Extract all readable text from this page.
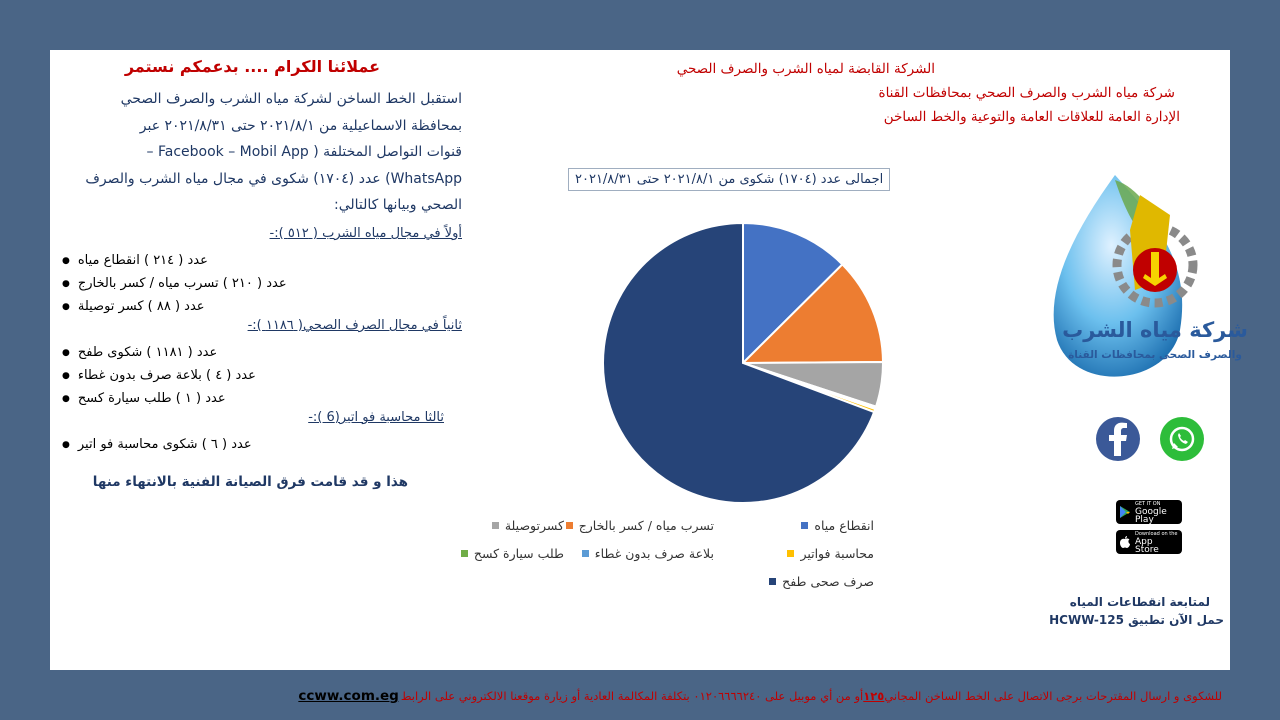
الشركة القابضة لمياه الشرب والصرف الصحي
شركة مياه الشرب والصرف الصحي بمحافظات القناة
الإدارة العامة للعلاقات العامة والتوعية والخط الساخن
عملائنا الكرام .... بدعمكم نستمر
استقبل الخط الساخن لشركة مياه الشرب والصرف الصحي
بمحافظة الاسماعيلية من ٢٠٢١/٨/١ حتى ٢٠٢١/٨/٣١ عبر
قنوات التواصل المختلفة ( Facebook – Mobil App –
WhatsApp) عدد (١٧٠٤) شكوى في مجال مياه الشرب والصرف
الصحي وبيانها كالتالي:
أولاً في مجال مياه الشرب ( ٥١٢ ):-
● عدد ( ٢١٤ ) انقطاع مياه
● عدد ( ٢١٠ ) تسرب مياه / كسر بالخارج
● عدد ( ٨٨ ) كسر توصيلة
ثانياً في مجال الصرف الصحي( ١١٨٦ ):-
● عدد ( ١١٨١ ) شكوى طفح
● عدد ( ٤ ) بلاعة صرف بدون غطاء
● عدد ( ١ ) طلب سيارة كسح
ثالثا محاسبة فو اتير(6 ):-
● عدد ( ٦ ) شكوى محاسبة فو اتير
هذا و قد قامت فرق الصيانة الفنية بالانتهاء منها
اجمالى عدد (١٧٠٤) شكوى من ٢٠٢١/٨/١ حتى ٢٠٢١/٨/٣١
انقطاع مياه
تسرب مياه / كسر بالخارج
كسرتوصيلة
محاسبة فواتير
بلاعة صرف بدون غطاء
طلب سيارة كسح
صرف صحى طفح
شركة مياه الشرب
والصرف الصحى بمحافظات القناة
GET IT ON
Google Play
Download on the
App Store
لمتابعة انقطاعات المياه
حمل الآن تطبيق HCWW-125
للشكوى و ارسال المقترحات برجى الاتصال على الخط الساخن المجاني
١٢٥
أو من أي موبيل على ٠١٢٠٦٦٦٦٢٤٠ بتكلفة المكالمة العادية أو زيارة موقعنا الالكتروني على الرابط
ccww.com.eg
